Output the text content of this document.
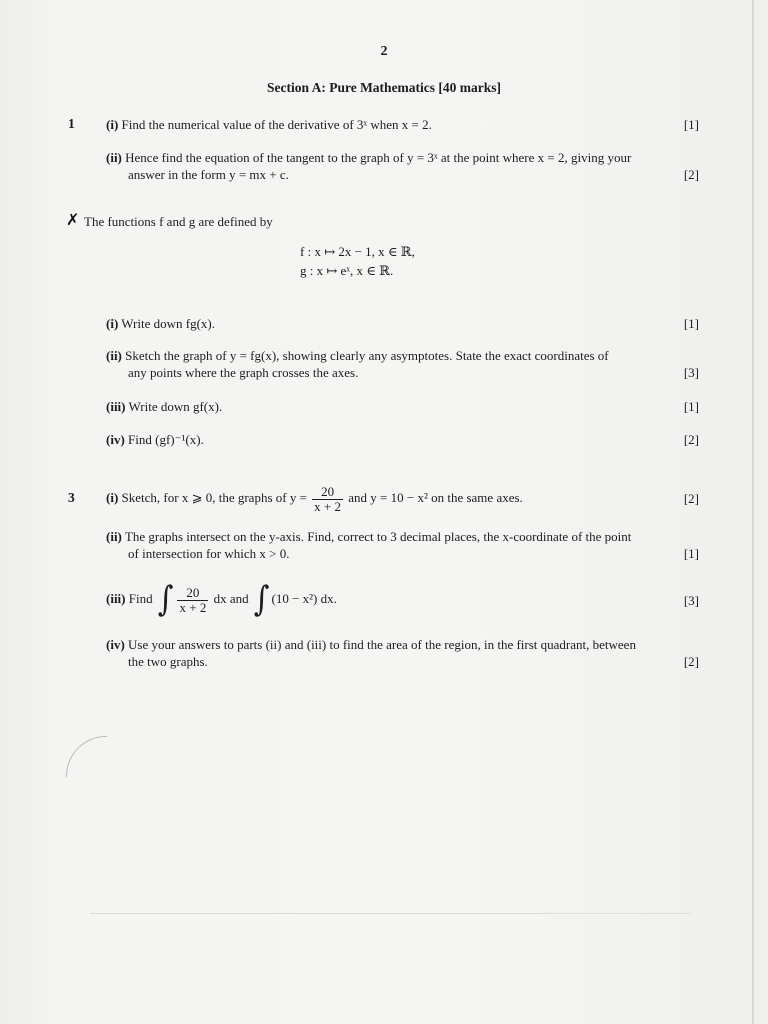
2
Section A: Pure Mathematics [40 marks]
1 (i) Find the numerical value of the derivative of 3ˣ when x = 2.	[1]

(ii) Hence find the equation of the tangent to the graph of y = 3ˣ at the point where x = 2, giving your

answer in the form y = mx + c.	[2]
✗ The functions f and g are defined by

f : x ↦ 2x − 1, x ∈ ℝ,
g : x ↦ eˣ, x ∈ ℝ.

(i) Write down fg(x).	[1]

(ii) Sketch the graph of y = fg(x), showing clearly any asymptotes. State the exact coordinates of

any points where the graph crosses the axes.	[3]

(iii) Write down gf(x).	[1]

(iv) Find (gf)⁻¹(x).	[2]
3 (i) Sketch, for x ⩾ 0, the graphs of $y = \frac{20}{x + 2}$ and y = 10 − x² on the same axes.	[2]

(ii) The graphs intersect on the y-axis. Find, correct to 3 decimal places, the x-coordinate of the point

of intersection for which x > 0.	[1]

(iii) Find ∫ $\frac{20}{x + 2}$ dx and ∫ (10 − x²) dx.	[3]

(iv) Use your answers to parts (ii) and (iii) to find the area of the region, in the first quadrant, between

the two graphs.	[2]
